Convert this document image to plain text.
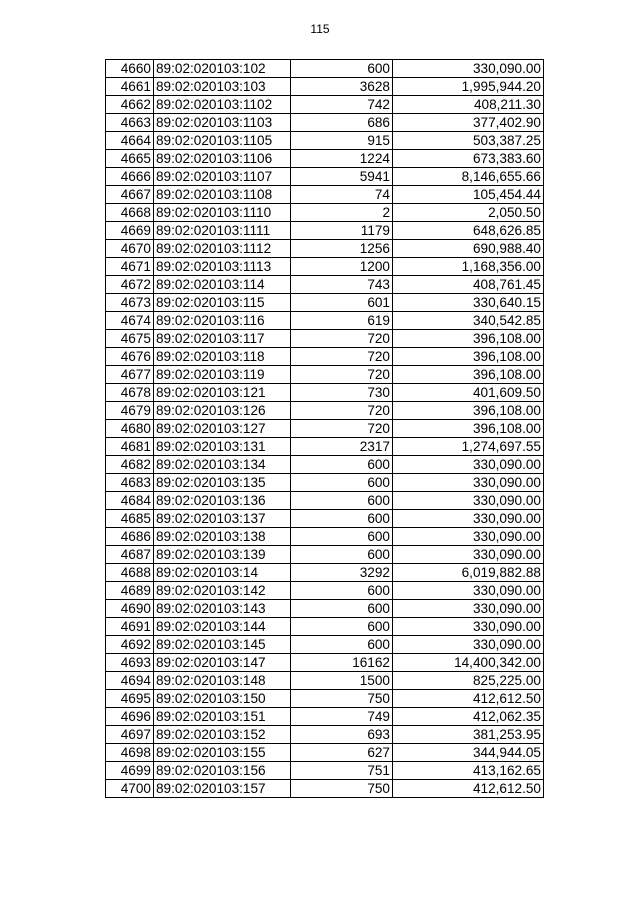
115
4660	89:02:020103:102	600	330,090.00
4661	89:02:020103:103	3628	1,995,944.20
4662	89:02:020103:1102	742	408,211.30
4663	89:02:020103:1103	686	377,402.90
4664	89:02:020103:1105	915	503,387.25
4665	89:02:020103:1106	1224	673,383.60
4666	89:02:020103:1107	5941	8,146,655.66
4667	89:02:020103:1108	74	105,454.44
4668	89:02:020103:1110	2	2,050.50
4669	89:02:020103:1111	1179	648,626.85
4670	89:02:020103:1112	1256	690,988.40
4671	89:02:020103:1113	1200	1,168,356.00
4672	89:02:020103:114	743	408,761.45
4673	89:02:020103:115	601	330,640.15
4674	89:02:020103:116	619	340,542.85
4675	89:02:020103:117	720	396,108.00
4676	89:02:020103:118	720	396,108.00
4677	89:02:020103:119	720	396,108.00
4678	89:02:020103:121	730	401,609.50
4679	89:02:020103:126	720	396,108.00
4680	89:02:020103:127	720	396,108.00
4681	89:02:020103:131	2317	1,274,697.55
4682	89:02:020103:134	600	330,090.00
4683	89:02:020103:135	600	330,090.00
4684	89:02:020103:136	600	330,090.00
4685	89:02:020103:137	600	330,090.00
4686	89:02:020103:138	600	330,090.00
4687	89:02:020103:139	600	330,090.00
4688	89:02:020103:14	3292	6,019,882.88
4689	89:02:020103:142	600	330,090.00
4690	89:02:020103:143	600	330,090.00
4691	89:02:020103:144	600	330,090.00
4692	89:02:020103:145	600	330,090.00
4693	89:02:020103:147	16162	14,400,342.00
4694	89:02:020103:148	1500	825,225.00
4695	89:02:020103:150	750	412,612.50
4696	89:02:020103:151	749	412,062.35
4697	89:02:020103:152	693	381,253.95
4698	89:02:020103:155	627	344,944.05
4699	89:02:020103:156	751	413,162.65
4700	89:02:020103:157	750	412,612.50
